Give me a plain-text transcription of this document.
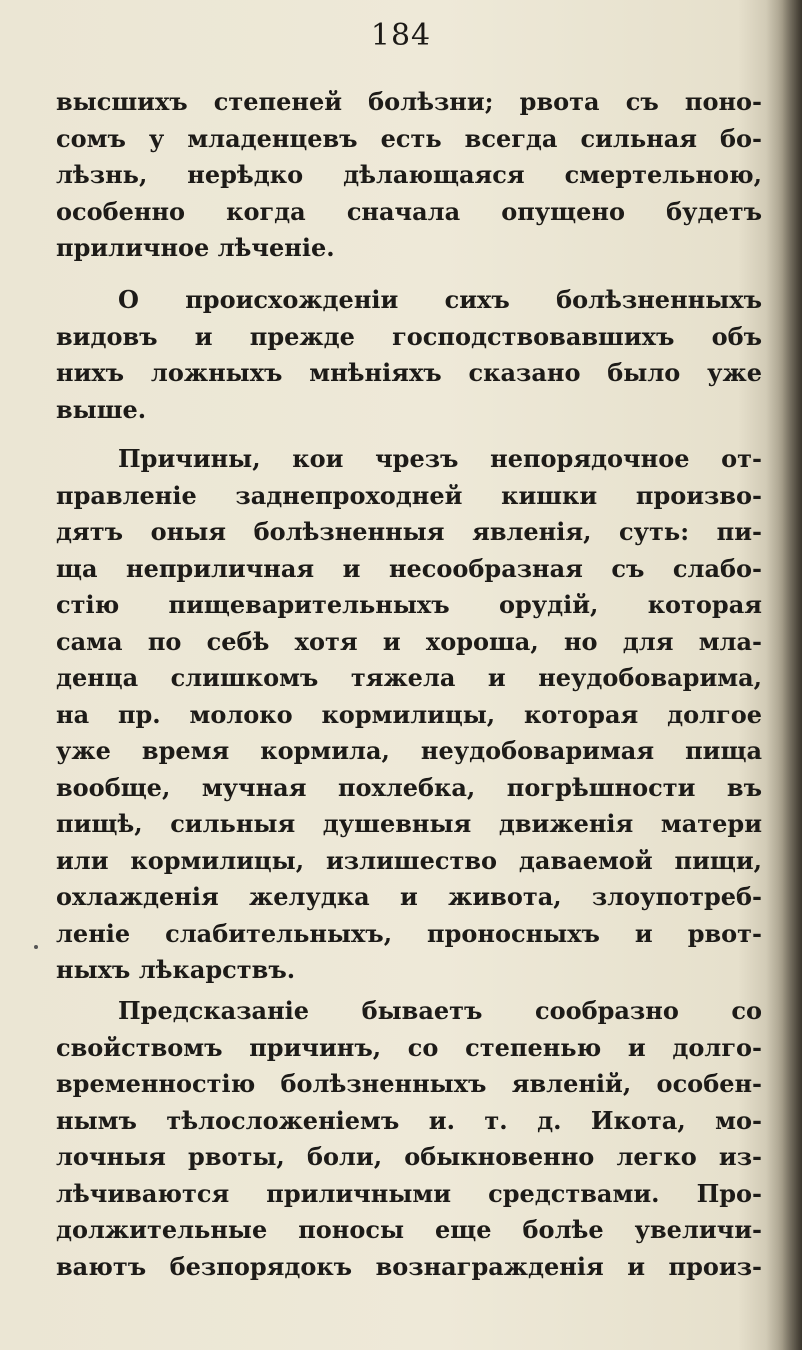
184
высшихъ степеней болѣзни; рвота съ поно-
сомъ у младенцевъ есть всегда сильная бо-
лѣзнь, нерѣдко дѣлающаяся смертельною,
особенно когда сначала опущено будетъ
приличное лѣченіе.
О происхожденіи сихъ болѣзненныхъ
видовъ и прежде господствовавшихъ объ
нихъ ложныхъ мнѣніяхъ сказано было уже
выше.
Причины, кои чрезъ непорядочное от-
правленіе заднепроходней кишки произво-
дятъ оныя болѣзненныя явленія, суть: пи-
ща неприличная и несообразная съ слабо-
стію пищеварительныхъ орудій, которая
сама по себѣ хотя и хороша, но для мла-
денца слишкомъ тяжела и неудобоварима,
на пр. молоко кормилицы, которая долгое
уже время кормила, неудобоваримая пища
вообще, мучная похлебка, погрѣшности въ
пищѣ, сильныя душевныя движенія матери
или кормилицы, излишество даваемой пищи,
охлажденія желудка и живота, злоупотреб-
леніе слабительныхъ, проносныхъ и рвот-
ныхъ лѣкарствъ.
Предсказаніе бываетъ сообразно со
свойствомъ причинъ, со степенью и долго-
временностію болѣзненныхъ явленій, особен-
нымъ тѣлосложеніемъ и. т. д. Икота, мо-
лочныя рвоты, боли, обыкновенно легко из-
лѣчиваются приличными средствами. Про-
должительные поносы еще болѣе увеличи-
ваютъ безпорядокъ вознагражденія и произ-
